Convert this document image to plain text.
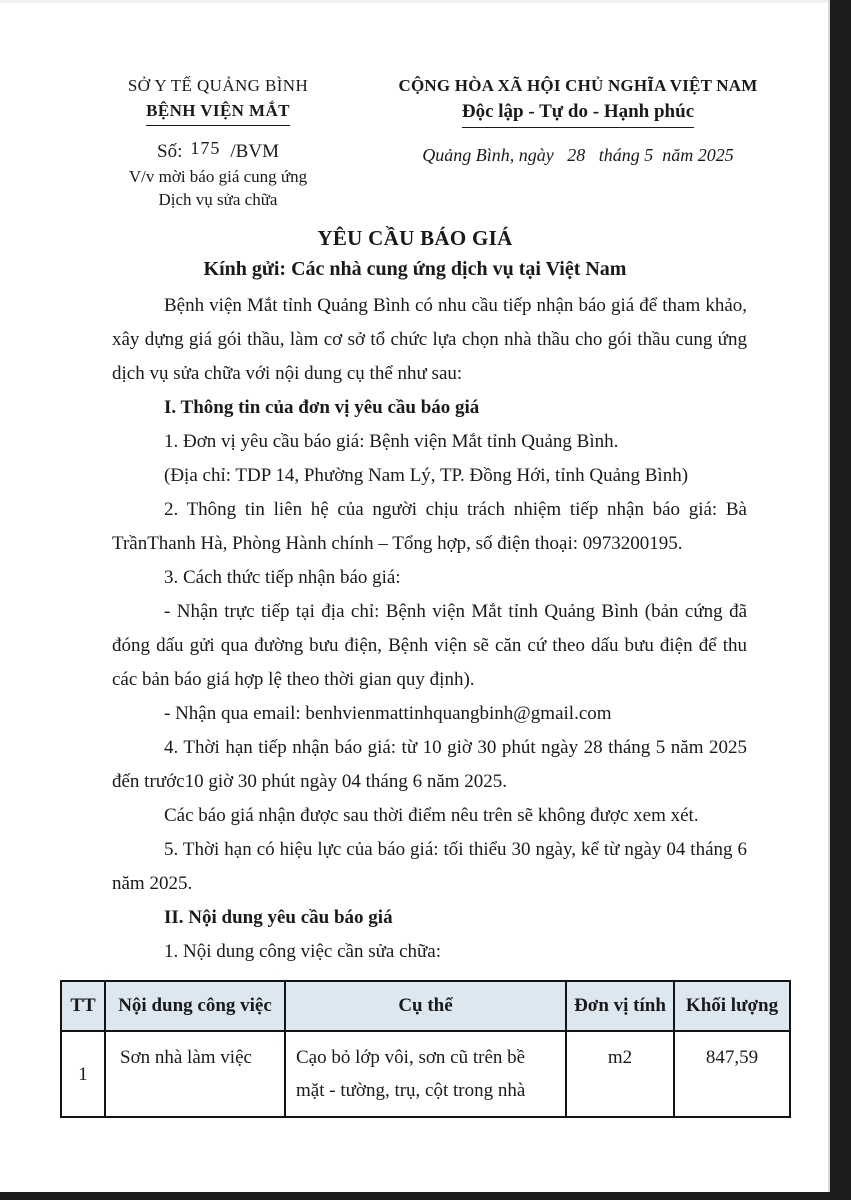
SỞ Y TẾ QUẢNG BÌNH
BỆNH VIỆN MẮT
Số: 175 /BVM
V/v mời báo giá cung ứng
Dịch vụ sửa chữa
CỘNG HÒA XÃ HỘI CHỦ NGHĨA VIỆT NAM
Độc lập - Tự do - Hạnh phúc
Quảng Bình, ngày   28   tháng 5  năm 2025
YÊU CẦU BÁO GIÁ
Kính gửi: Các nhà cung ứng dịch vụ tại Việt Nam

Bệnh viện Mắt tỉnh Quảng Bình có nhu cầu tiếp nhận báo giá để tham khảo, xây dựng giá gói thầu, làm cơ sở tổ chức lựa chọn nhà thầu cho gói thầu cung ứng dịch vụ sửa chữa với nội dung cụ thể như sau:

I. Thông tin của đơn vị yêu cầu báo giá

1. Đơn vị yêu cầu báo giá: Bệnh viện Mắt tỉnh Quảng Bình.

(Địa chỉ: TDP 14, Phường Nam Lý, TP. Đồng Hới, tỉnh Quảng Bình)

2. Thông tin liên hệ của người chịu trách nhiệm tiếp nhận báo giá: Bà TrầnThanh Hà, Phòng Hành chính – Tổng hợp, số điện thoại: 0973200195.

3. Cách thức tiếp nhận báo giá:

- Nhận trực tiếp tại địa chỉ: Bệnh viện Mắt tỉnh Quảng Bình (bản cứng đã đóng dấu gửi qua đường bưu điện, Bệnh viện sẽ căn cứ theo dấu bưu điện để thu các bản báo giá hợp lệ theo thời gian quy định).

- Nhận qua email: benhvienmattinhquangbinh@gmail.com

4. Thời hạn tiếp nhận báo giá: từ 10 giờ 30 phút ngày 28 tháng 5 năm 2025 đến trước10 giờ 30 phút ngày 04 tháng 6 năm 2025.

Các báo giá nhận được sau thời điểm nêu trên sẽ không được xem xét.

5. Thời hạn có hiệu lực của báo giá: tối thiểu 30 ngày, kể từ ngày 04 tháng 6 năm 2025.

II. Nội dung yêu cầu báo giá

1. Nội dung công việc cần sửa chữa:

TT	Nội dung công việc	Cụ thể	Đơn vị tính	Khối lượng
1	Sơn nhà làm việc	Cạo bỏ lớp vôi, sơn cũ trên bề mặt - tường, trụ, cột trong nhà	m2	847,59
